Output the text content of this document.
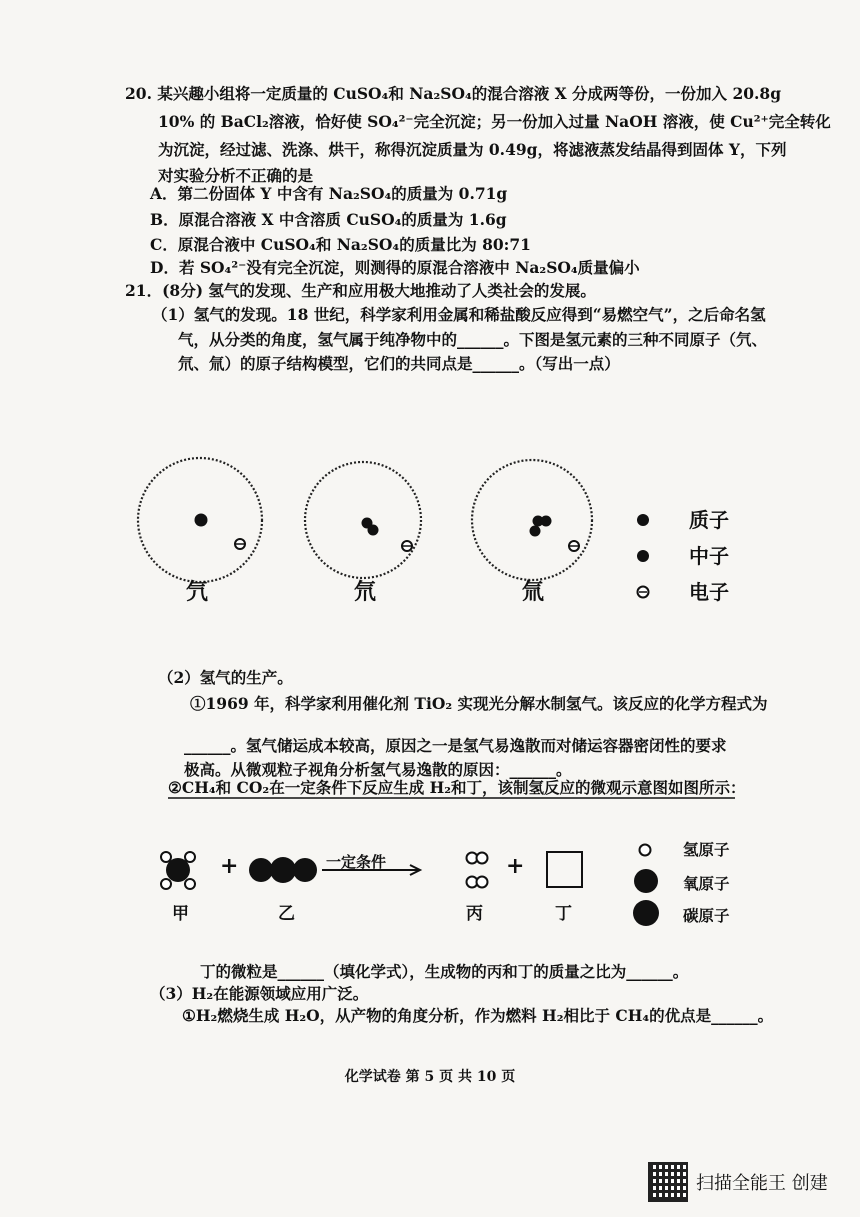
20. 某兴趣小组将一定质量的 CuSO₄和 Na₂SO₄的混合溶液 X 分成两等份，一份加入 20.8g
10% 的 BaCl₂溶液，恰好使 SO₄²⁻完全沉淀；另一份加入过量 NaOH 溶液，使 Cu²⁺完全转化
为沉淀，经过滤、洗涤、烘干，称得沉淀质量为 0.49g，将滤液蒸发结晶得到固体 Y，下列
对实验分析不正确的是
A．第二份固体 Y 中含有 Na₂SO₄的质量为 0.71g
B．原混合溶液 X 中含溶质 CuSO₄的质量为 1.6g
C．原混合液中 CuSO₄和 Na₂SO₄的质量比为 80:71
D．若 SO₄²⁻没有完全沉淀，则测得的原混合溶液中 Na₂SO₄质量偏小
21．(8分) 氢气的发现、生产和应用极大地推动了人类社会的发展。
（1）氢气的发现。18 世纪，科学家利用金属和稀盐酸反应得到“易燃空气”，之后命名氢
气，从分类的角度，氢气属于纯净物中的______。下图是氢元素的三种不同原子（氕、
氘、氚）的原子结构模型，它们的共同点是______。（写出一点）
氕	氘	氚
质子
中子
电子
（2）氢气的生产。
①1969 年，科学家利用催化剂 TiO₂ 实现光分解水制氢气。该反应的化学方程式为
______。氢气储运成本较高，原因之一是氢气易逸散而对储运容器密闭性的要求
极高。从微观粒子视角分析氢气易逸散的原因：______。
②CH₄和 CO₂在一定条件下反应生成 H₂和丁，该制氢反应的微观示意图如图所示：
一定条件
+	+
甲	乙	丙	丁
氢原子
氧原子
碳原子
丁的微粒是______（填化学式），生成物的丙和丁的质量之比为______。
（3）H₂在能源领域应用广泛。
①H₂燃烧生成 H₂O，从产物的角度分析，作为燃料 H₂相比于 CH₄的优点是______。
化学试卷 第 5 页 共 10 页
扫描全能王 创建
